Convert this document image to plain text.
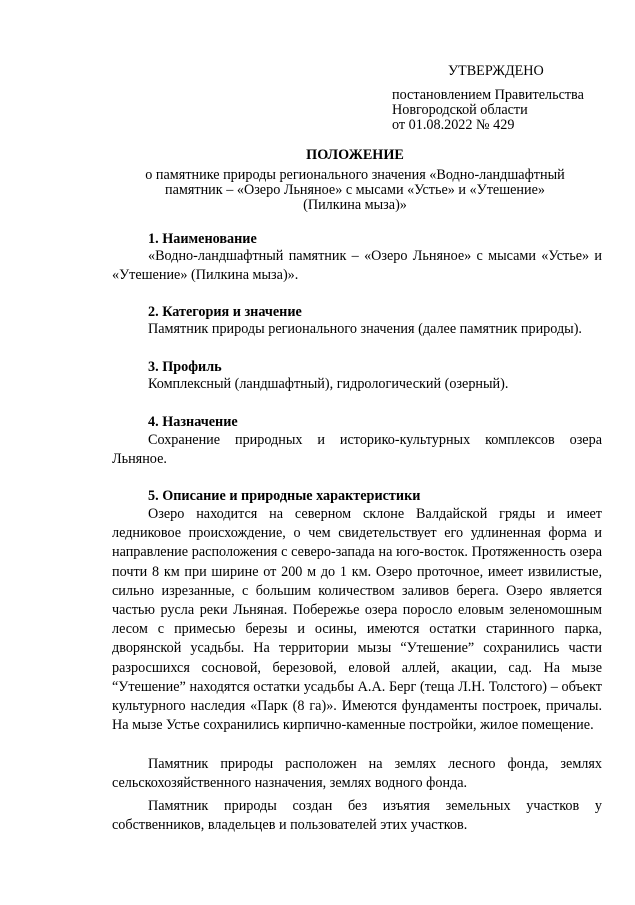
УТВЕРЖДЕНО
постановлением Правительства
Новгородской области
от 01.08.2022 № 429
ПОЛОЖЕНИЕ
о памятнике природы регионального значения «Водно-ландшафтный
памятник – «Озеро Льняное» с мысами «Устье» и «Утешение»
(Пилкина мыза)»
1. Наименование
«Водно-ландшафтный памятник – «Озеро Льняное» с мысами «Устье» и «Утешение» (Пилкина мыза)».
2. Категория и значение
Памятник природы регионального значения (далее памятник природы).
3. Профиль
Комплексный (ландшафтный), гидрологический (озерный).
4. Назначение
Сохранение природных и историко-культурных комплексов озера Льняное.
5. Описание и природные характеристики
Озеро находится на северном склоне Валдайской гряды и имеет ледниковое происхождение, о чем свидетельствует его удлиненная форма и направление расположения с северо-запада на юго-восток. Протяженность озера почти 8 км при ширине от 200 м до 1 км. Озеро проточное, имеет извилистые, сильно изрезанные, с большим количеством заливов берега. Озеро является частью русла реки Льняная. Побережье озера поросло еловым зеленомошным лесом с примесью березы и осины, имеются остатки старинного парка, дворянской усадьбы. На территории мызы “Утешение” сохранились части разросшихся сосновой, березовой, еловой аллей, акации, сад. На мызе “Утешение” находятся остатки усадьбы А.А. Берг (теща Л.Н. Толстого) – объект культурного наследия «Парк (8 га)». Имеются фундаменты построек, причалы. На мызе Устье сохранились кирпично-каменные постройки, жилое помещение.
Памятник природы расположен на землях лесного фонда, землях сельскохозяйственного назначения, землях водного фонда.
Памятник природы создан без изъятия земельных участков у собственников, владельцев и пользователей этих участков.
